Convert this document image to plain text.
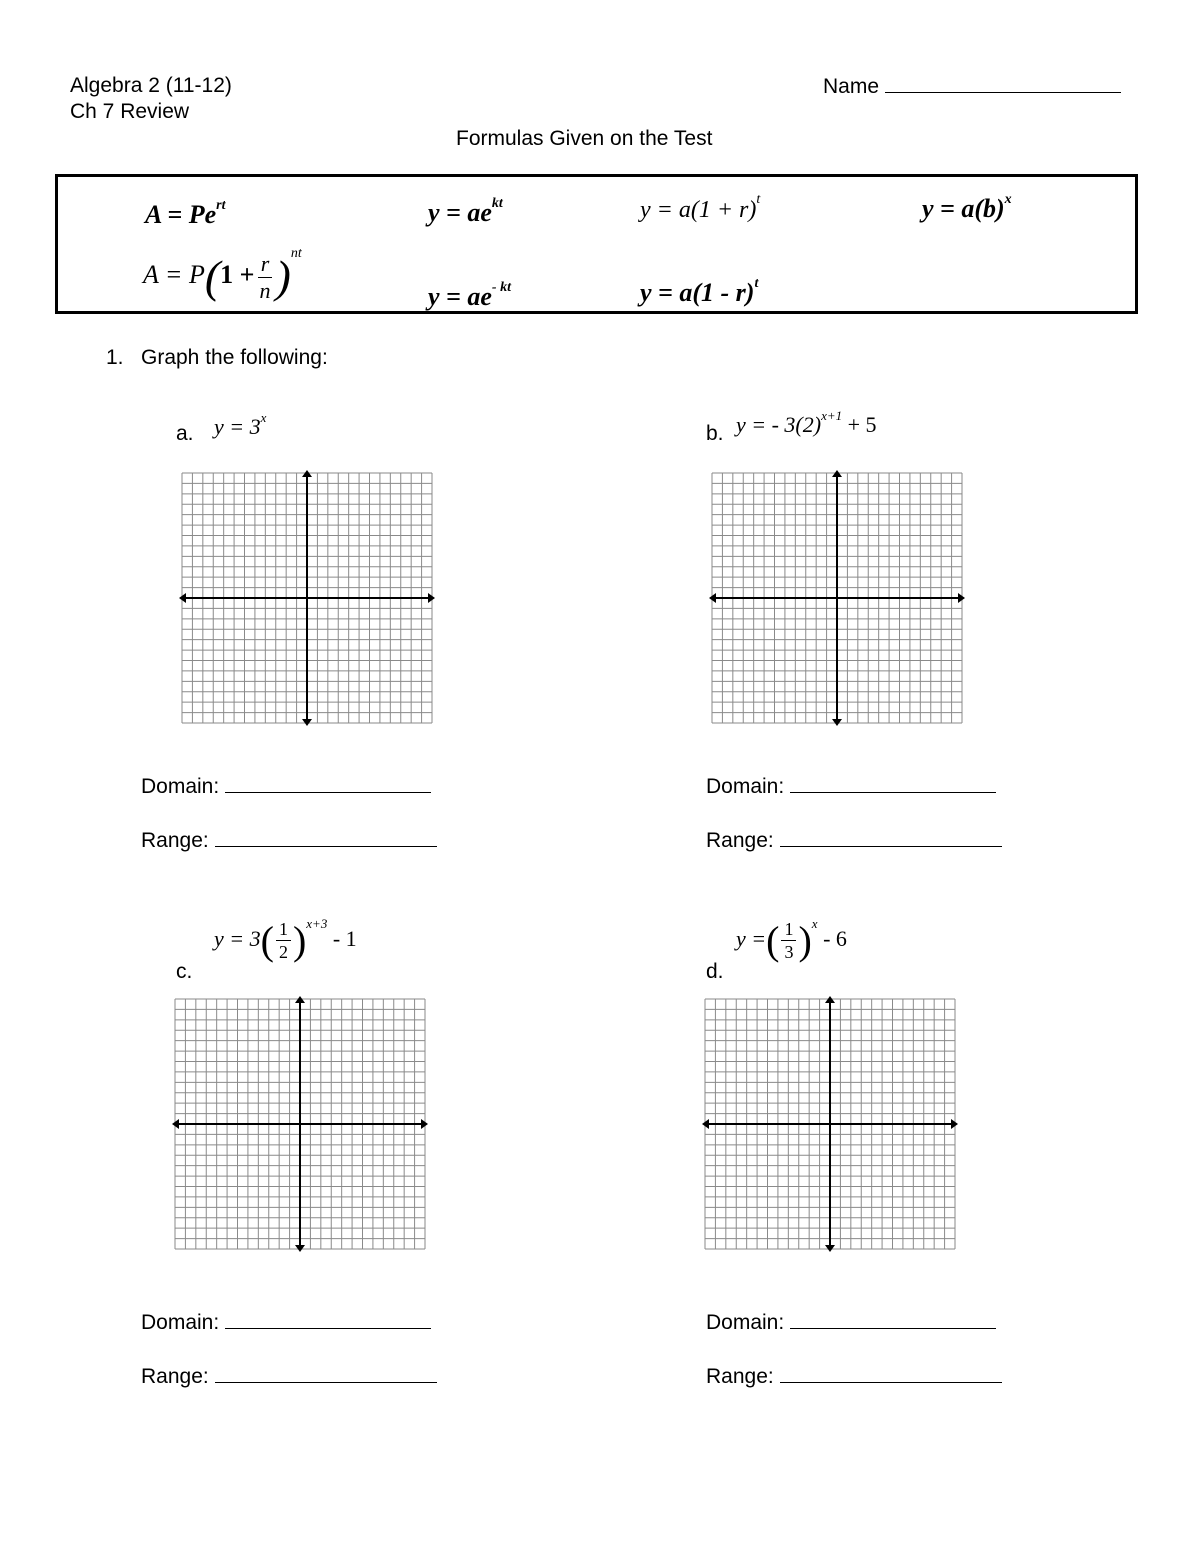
Algebra 2 (11-12)
Ch 7 Review
Name
Formulas Given on the Test
$A = Pe^{rt}$
$A = P(1 + \frac{r}{n} )^{nt}$
$y = ae^{kt}$
$y = ae^{- kt}$
$y = a(1 + r)^t$
y = a(1 - r)$^t$
$y = a(b)^x$
1. Graph the following:
a. $y = 3^x$
b. y = - $3(2)^{x+1} + 5$
c.
$y = 3( \frac{1}{2} )^{x+3} - 1$
d.
y =( $\frac{1}{3} )^x - 6$
Domain:
Range:
Domain:
Range:
Domain:
Range:
Domain:
Range:
